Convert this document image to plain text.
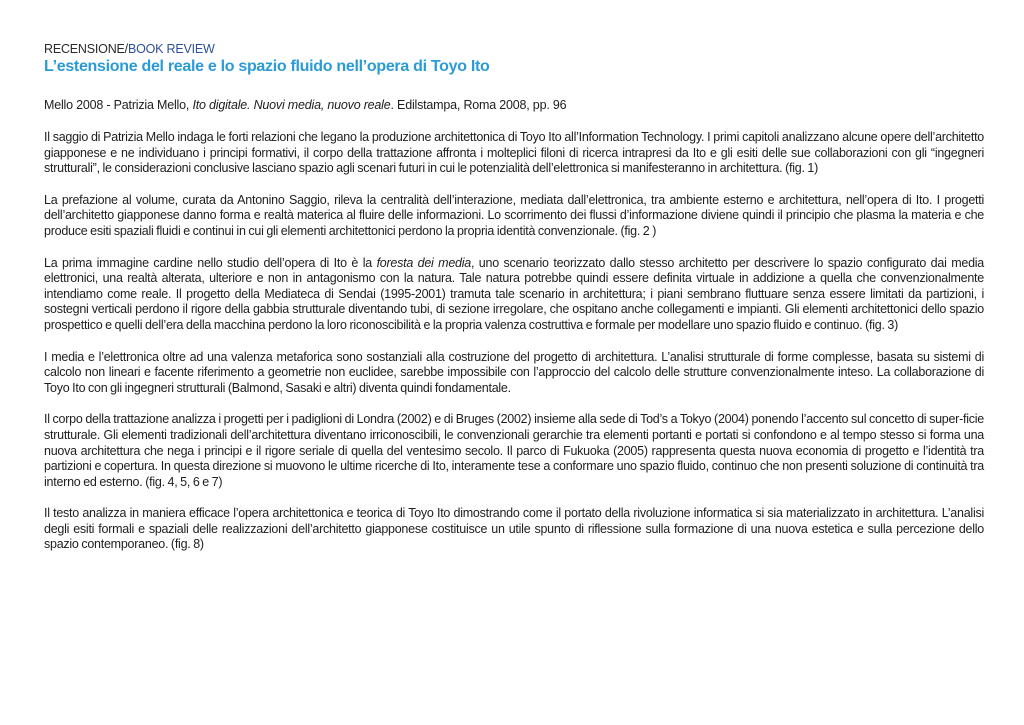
RECENSIONE/BOOK REVIEW

L’estensione del reale e lo spazio fluido nell’opera di Toyo Ito

Mello 2008 - Patrizia Mello, Ito digitale. Nuovi media, nuovo reale. Edilstampa, Roma 2008, pp. 96

Il saggio di Patrizia Mello indaga le forti relazioni che legano la produzione architettonica di Toyo Ito all’Information Technology. I primi capitoli analizzano alcune opere dell’architetto giapponese e ne individuano i principi formativi, il corpo della trattazione affronta i molteplici filoni di ricerca intrapresi da Ito e gli esiti delle sue collaborazioni con gli “ingegneri strutturali”, le considerazioni conclusive lasciano spazio agli scenari futuri in cui le potenzialità dell’elettronica si manifesteranno in architettura. (fig. 1)

La prefazione al volume, curata da Antonino Saggio, rileva la centralità dell’interazione, mediata dall’elettronica, tra ambiente esterno e architettura, nell’opera di Ito. I progetti dell’architetto giapponese danno forma e realtà materica al fluire delle informazioni. Lo scorrimento dei flussi d’informazione diviene quindi il principio che plasma la materia e che produce esiti spaziali fluidi e continui in cui gli elementi architettonici perdono la propria identità convenzionale. (fig. 2 )

La prima immagine cardine nello studio dell’opera di Ito è la foresta dei media, uno scenario teorizzato dallo stesso architetto per descrivere lo spazio configurato dai media elettronici, una realtà alterata, ulteriore e non in antagonismo con la natura. Tale natura potrebbe quindi essere definita virtuale in addizione a quella che convenzionalmente intendiamo come reale. Il progetto della Mediateca di Sendai (1995-2001) tramuta tale scenario in architettura; i piani sembrano fluttuare senza essere limitati da partizioni, i sostegni verticali perdono il rigore della gabbia strutturale diventando tubi, di sezione irregolare, che ospitano anche collegamenti e impianti. Gli elementi architettonici dello spazio prospettico e quelli dell’era della macchina perdono la loro riconoscibilità e la propria valenza costruttiva e formale per modellare uno spazio fluido e continuo. (fig. 3)

I media e l’elettronica oltre ad una valenza metaforica sono sostanziali alla costruzione del progetto di architettura. L’analisi strutturale di forme complesse, basata su sistemi di calcolo non lineari e facente riferimento a geometrie non euclidee, sarebbe impossibile con l’approccio del calcolo delle strutture convenzionalmente inteso. La collaborazione di Toyo Ito con gli ingegneri strutturali (Balmond, Sasaki e altri) diventa quindi fondamentale.

Il corpo della trattazione analizza i progetti per i padiglioni di Londra (2002) e di Bruges (2002) insieme alla sede di Tod’s a Tokyo (2004) ponendo l’accento sul concetto di super-ficie strutturale. Gli elementi tradizionali dell’architettura diventano irriconoscibili, le convenzionali gerarchie tra elementi portanti e portati si confondono e al tempo stesso si forma una nuova architettura che nega i principi e il rigore seriale di quella del ventesimo secolo. Il parco di Fukuoka (2005) rappresenta questa nuova economia di progetto e l’identità tra partizioni e copertura. In questa direzione si muovono le ultime ricerche di Ito, interamente tese a conformare uno spazio fluido, continuo che non presenti soluzione di continuità tra interno ed esterno. (fig. 4, 5, 6 e 7)

Il testo analizza in maniera efficace l’opera architettonica e teorica di Toyo Ito dimostrando come il portato della rivoluzione informatica si sia materializzato in architettura. L’analisi degli esiti formali e spaziali delle realizzazioni dell’architetto giapponese costituisce un utile spunto di riflessione sulla formazione di una nuova estetica e sulla percezione dello spazio contemporaneo. (fig. 8)
